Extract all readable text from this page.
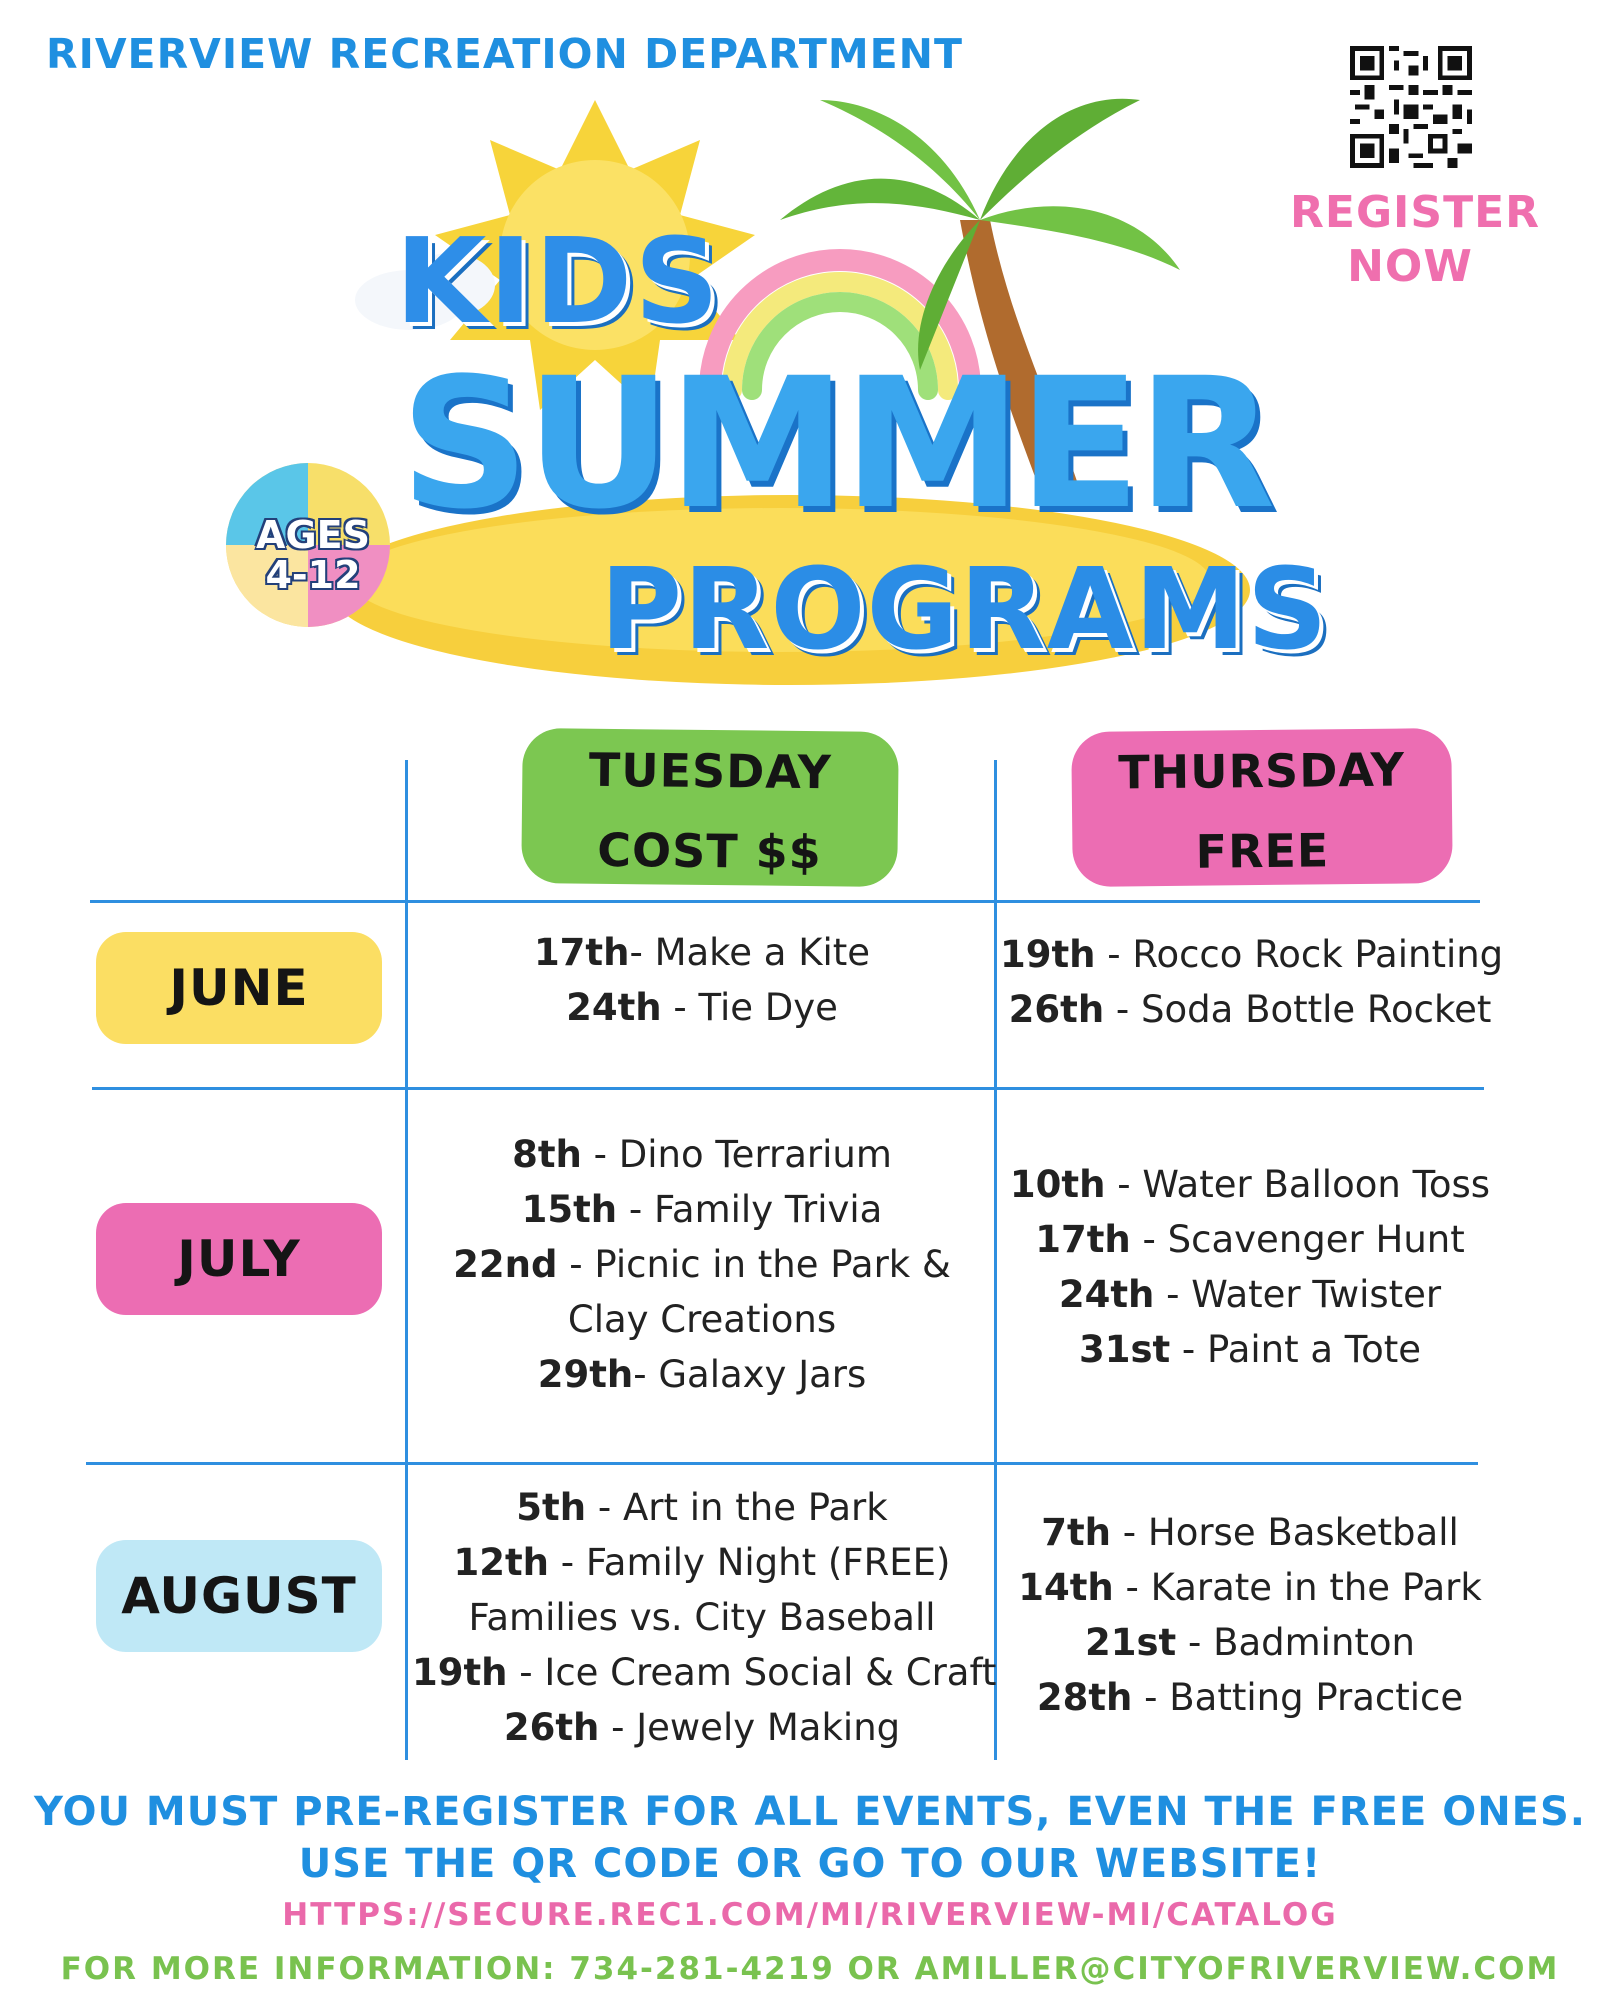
RIVERVIEW RECREATION DEPARTMENT
REGISTER NOW
KIDS
SUMMER
PROGRAMS
AGES
4-12
TUESDAY
COST $$
THURSDAY
FREE
JUNE
JULY
AUGUST
17th- Make a Kite
24th - Tie Dye
19th - Rocco Rock Painting
26th - Soda Bottle Rocket
8th - Dino Terrarium
15th - Family Trivia
22nd - Picnic in the Park &
Clay Creations
29th- Galaxy Jars
10th - Water Balloon Toss
17th - Scavenger Hunt
24th - Water Twister
31st - Paint a Tote
5th - Art in the Park
12th - Family Night (FREE)
Families vs. City Baseball
19th - Ice Cream Social & Craft
26th - Jewely Making
7th - Horse Basketball
14th - Karate in the Park
21st - Badminton
28th - Batting Practice
YOU MUST PRE-REGISTER FOR ALL EVENTS, EVEN THE FREE ONES.
USE THE QR CODE OR GO TO OUR WEBSITE!
HTTPS://SECURE.REC1.COM/MI/RIVERVIEW-MI/CATALOG
FOR MORE INFORMATION: 734-281-4219 OR AMILLER@CITYOFRIVERVIEW.COM
